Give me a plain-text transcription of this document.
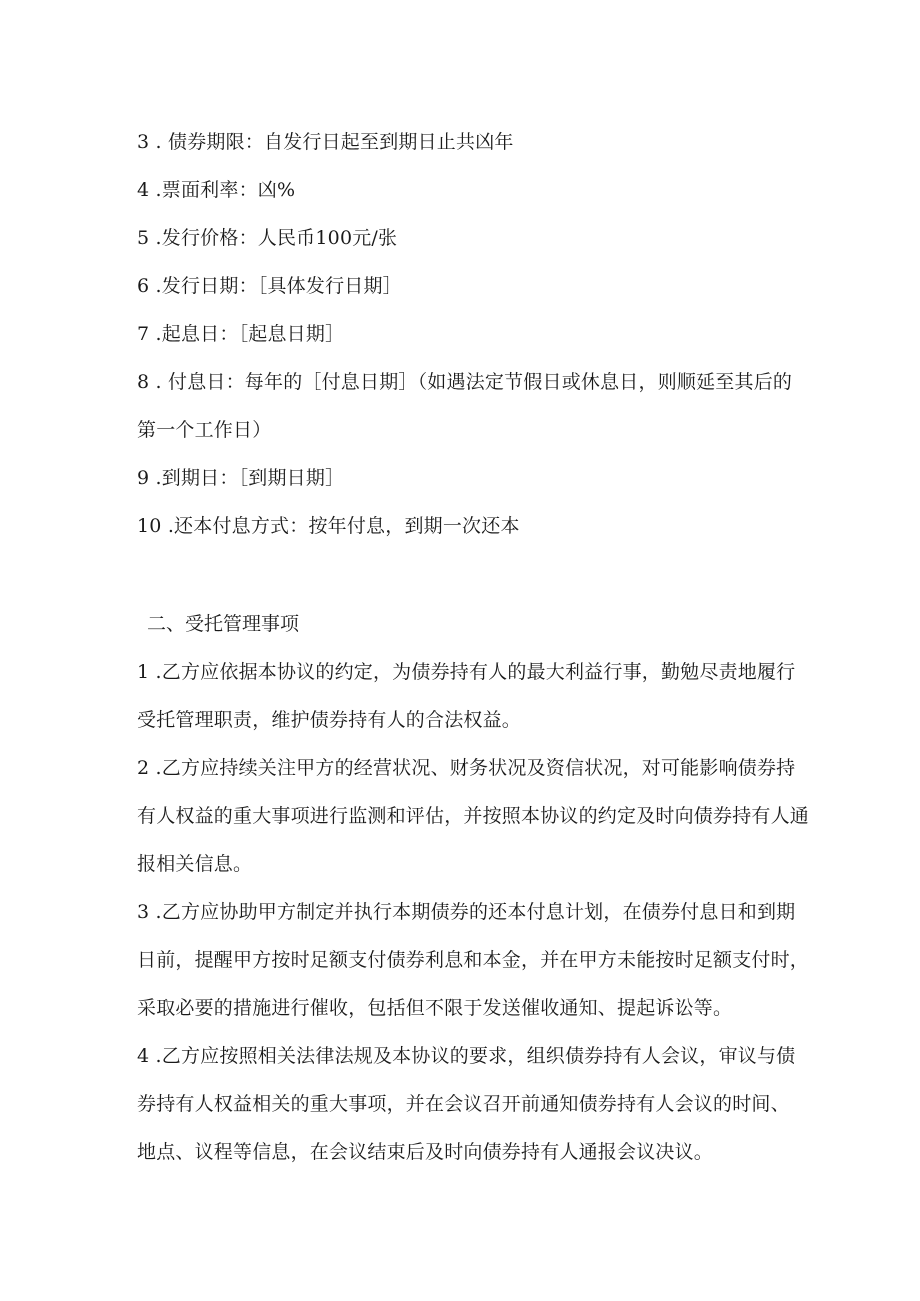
3 . 债券期限：自发行日起至到期日止共凶年
4 .票面利率：凶%
5 .发行价格：人民币100元/张
6 .发行日期：［具体发行日期］
7 .起息日：［起息日期］
8 . 付息日：每年的［付息日期］（如遇法定节假日或休息日，则顺延至其后的
第一个工作日）
9 .到期日：［到期日期］
10 .还本付息方式：按年付息，到期一次还本
二、受托管理事项
1 .乙方应依据本协议的约定，为债券持有人的最大利益行事，勤勉尽责地履行
受托管理职责，维护债券持有人的合法权益。
2 .乙方应持续关注甲方的经营状况、财务状况及资信状况，对可能影响债券持
有人权益的重大事项进行监测和评估，并按照本协议的约定及时向债券持有人通
报相关信息。
3 .乙方应协助甲方制定并执行本期债券的还本付息计划，在债券付息日和到期
日前，提醒甲方按时足额支付债券利息和本金，并在甲方未能按时足额支付时，
采取必要的措施进行催收，包括但不限于发送催收通知、提起诉讼等。
4 .乙方应按照相关法律法规及本协议的要求，组织债券持有人会议，审议与债
券持有人权益相关的重大事项，并在会议召开前通知债券持有人会议的时间、
地点、议程等信息，在会议结束后及时向债券持有人通报会议决议。
